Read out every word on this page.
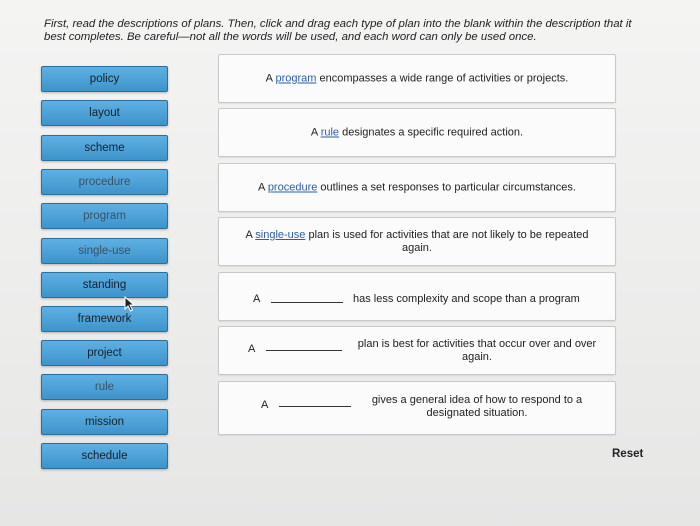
First, read the descriptions of plans. Then, click and drag each type of plan into the blank within the description that it best completes. Be careful—not all the words will be used, and each word can only be used once.
policy
layout
scheme
procedure
program
single-use
standing
framework
project
rule
mission
schedule
A program encompasses a wide range of activities or projects.
A rule designates a specific required action.
A procedure outlines a set responses to particular circumstances.
A single-use plan is used for activities that are not likely to be repeated again.
A	has less complexity and scope than a program
A	plan is best for activities that occur over and over again.
A	gives a general idea of how to respond to a designated situation.
Reset
